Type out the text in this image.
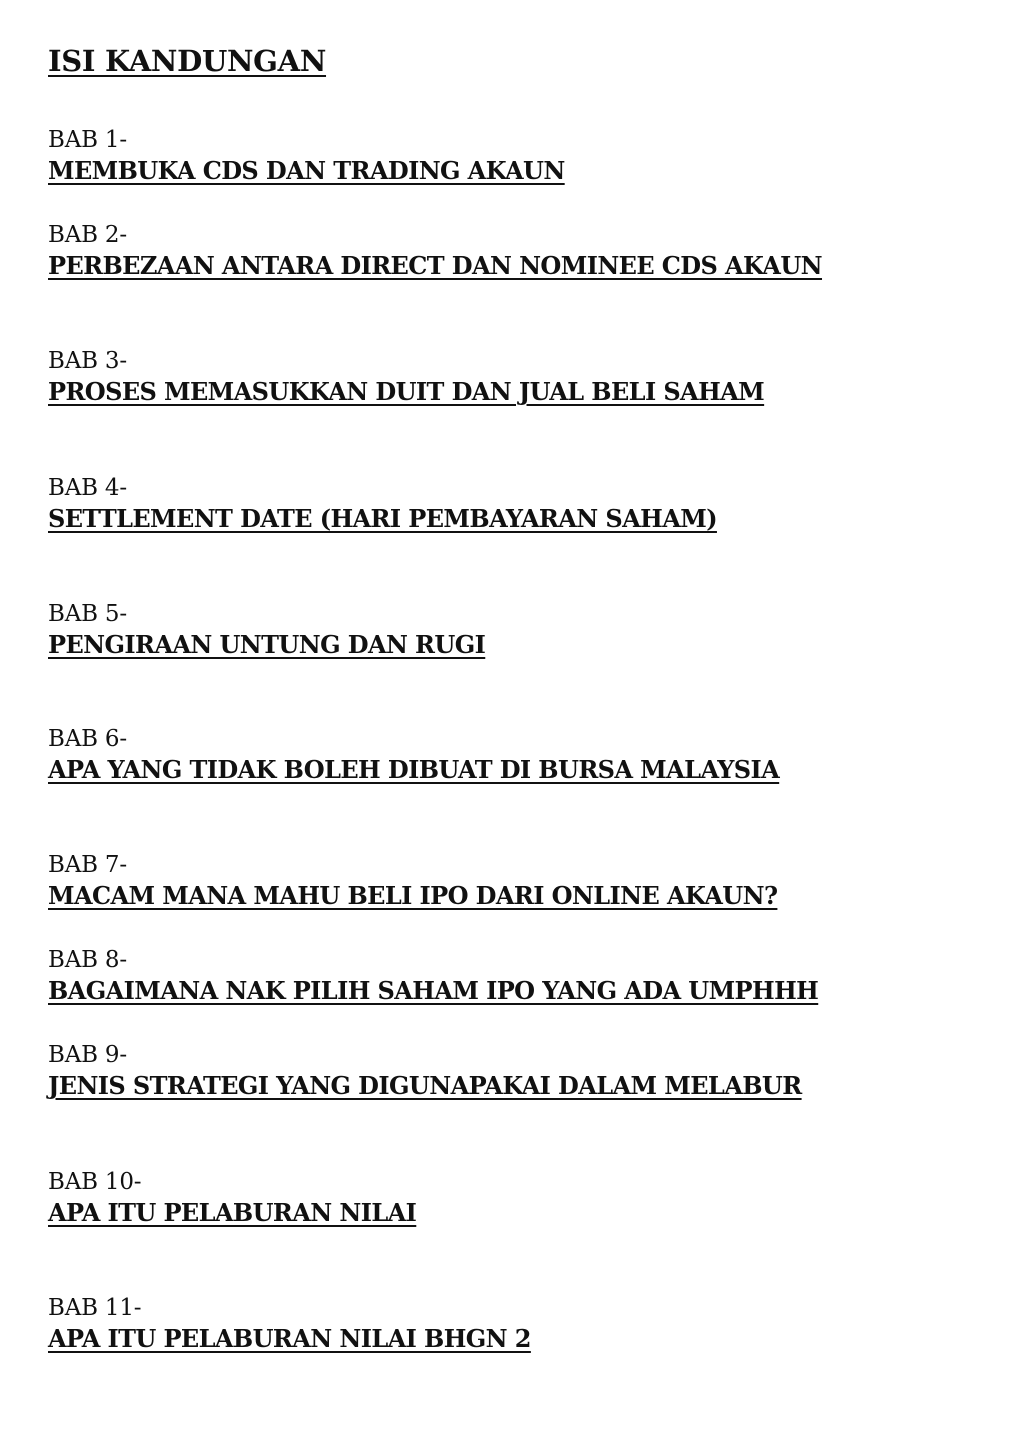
ISI KANDUNGAN
BAB 1-
MEMBUKA CDS DAN TRADING AKAUN
BAB 2-
PERBEZAAN ANTARA DIRECT DAN NOMINEE CDS AKAUN
BAB 3-
PROSES MEMASUKKAN DUIT DAN JUAL BELI SAHAM
BAB 4-
SETTLEMENT DATE (HARI PEMBAYARAN SAHAM)
BAB 5-
PENGIRAAN UNTUNG DAN RUGI
BAB 6-
APA YANG TIDAK BOLEH DIBUAT DI BURSA MALAYSIA
BAB 7-
MACAM MANA MAHU BELI IPO DARI ONLINE AKAUN?
BAB 8-
BAGAIMANA NAK PILIH SAHAM IPO YANG ADA UMPHHH
BAB 9-
JENIS STRATEGI YANG DIGUNAPAKAI DALAM MELABUR
BAB 10-
APA ITU PELABURAN NILAI
BAB 11-
APA ITU PELABURAN NILAI BHGN 2
